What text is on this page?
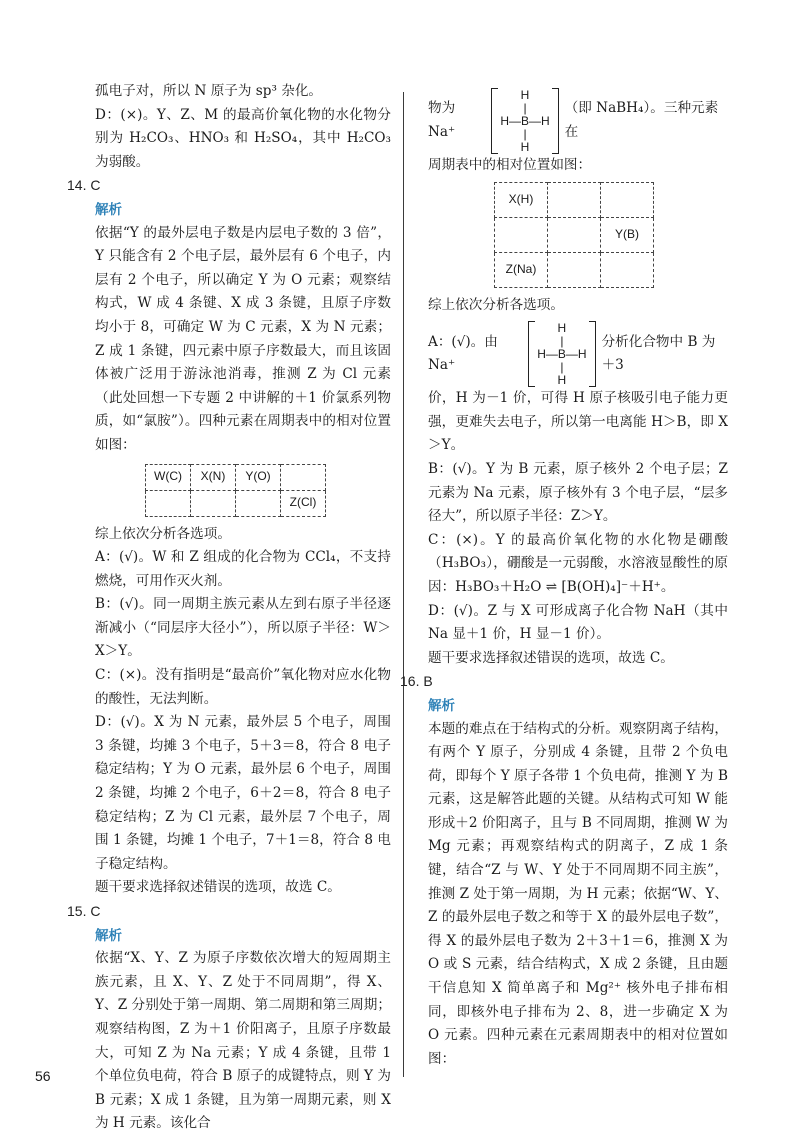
孤电子对，所以 N 原子为 sp³ 杂化。

D：(×)。Y、Z、M 的最高价氧化物的水化物分别为 H₂CO₃、HNO₃ 和 H₂SO₄，其中 H₂CO₃ 为弱酸。

14. C

解析

依据“Y 的最外层电子数是内层电子数的 3 倍”，Y 只能含有 2 个电子层，最外层有 6 个电子，内层有 2 个电子，所以确定 Y 为 O 元素；观察结构式，W 成 4 条键、X 成 3 条键，且原子序数均小于 8，可确定 W 为 C 元素，X 为 N 元素；Z 成 1 条键，四元素中原子序数最大，而且该固体被广泛用于游泳池消毒，推测 Z 为 Cl 元素（此处回想一下专题 2 中讲解的＋1 价氯系列物质，如“氯胺”）。四种元素在周期表中的相对位置如图：

W(C)	X(N)	Y(O)	
			Z(Cl)

综上依次分析各选项。

A：(√)。W 和 Z 组成的化合物为 CCl₄，不支持燃烧，可用作灭火剂。

B：(√)。同一周期主族元素从左到右原子半径逐渐减小（“同层序大径小”），所以原子半径：W＞X＞Y。

C：(×)。没有指明是“最高价”氧化物对应水化物的酸性，无法判断。

D：(√)。X 为 N 元素，最外层 5 个电子，周围 3 条键，均摊 3 个电子，5＋3＝8，符合 8 电子稳定结构；Y 为 O 元素，最外层 6 个电子，周围 2 条键，均摊 2 个电子，6＋2＝8，符合 8 电子稳定结构；Z 为 Cl 元素，最外层 7 个电子，周围 1 条键，均摊 1 个电子，7＋1＝8，符合 8 电子稳定结构。

题干要求选择叙述错误的选项，故选 C。

15. C

解析

依据“X、Y、Z 为原子序数依次增大的短周期主族元素，且 X、Y、Z 处于不同周期”，得 X、Y、Z 分别处于第一周期、第二周期和第三周期；观察结构图，Z 为＋1 价阳离子，且原子序数最大，可知 Z 为 Na 元素；Y 成 4 条键，且带 1 个单位负电荷，符合 B 原子的成键特点，则 Y 为 B 元素；X 成 1 条键，且为第一周期元素，则 X 为 H 元素。该化合

物为 Na⁺
H
|
H—B—H
|
H
（即 NaBH₄）。三种元素在

周期表中的相对位置如图：

X(H)		
		Y(B)
Z(Na)		

综上依次分析各选项。

A：(√)。由 Na⁺
H
|
H—B—H
|
H
分析化合物中 B 为＋3

价，H 为－1 价，可得 H 原子核吸引电子能力更强，更难失去电子，所以第一电离能 H＞B，即 X＞Y。

B：(√)。Y 为 B 元素，原子核外 2 个电子层；Z 元素为 Na 元素，原子核外有 3 个电子层，“层多径大”，所以原子半径：Z＞Y。

C：(×)。Y 的最高价氧化物的水化物是硼酸（H₃BO₃），硼酸是一元弱酸，水溶液显酸性的原因：H₃BO₃＋H₂O ⇌ [B(OH)₄]⁻＋H⁺。

D：(√)。Z 与 X 可形成离子化合物 NaH（其中 Na 显＋1 价，H 显－1 价）。

题干要求选择叙述错误的选项，故选 C。

16. B

解析

本题的难点在于结构式的分析。观察阴离子结构，有两个 Y 原子，分别成 4 条键，且带 2 个负电荷，即每个 Y 原子各带 1 个负电荷，推测 Y 为 B 元素，这是解答此题的关键。从结构式可知 W 能形成＋2 价阳离子，且与 B 不同周期，推测 W 为 Mg 元素；再观察结构式的阴离子，Z 成 1 条键，结合“Z 与 W、Y 处于不同周期不同主族”，推测 Z 处于第一周期，为 H 元素；依据“W、Y、Z 的最外层电子数之和等于 X 的最外层电子数”，得 X 的最外层电子数为 2＋3＋1＝6，推测 X 为 O 或 S 元素，结合结构式，X 成 2 条键，且由题干信息知 X 简单离子和 Mg²⁺ 核外电子排布相同，即核外电子排布为 2、8，进一步确定 X 为 O 元素。四种元素在元素周期表中的相对位置如图：

56
